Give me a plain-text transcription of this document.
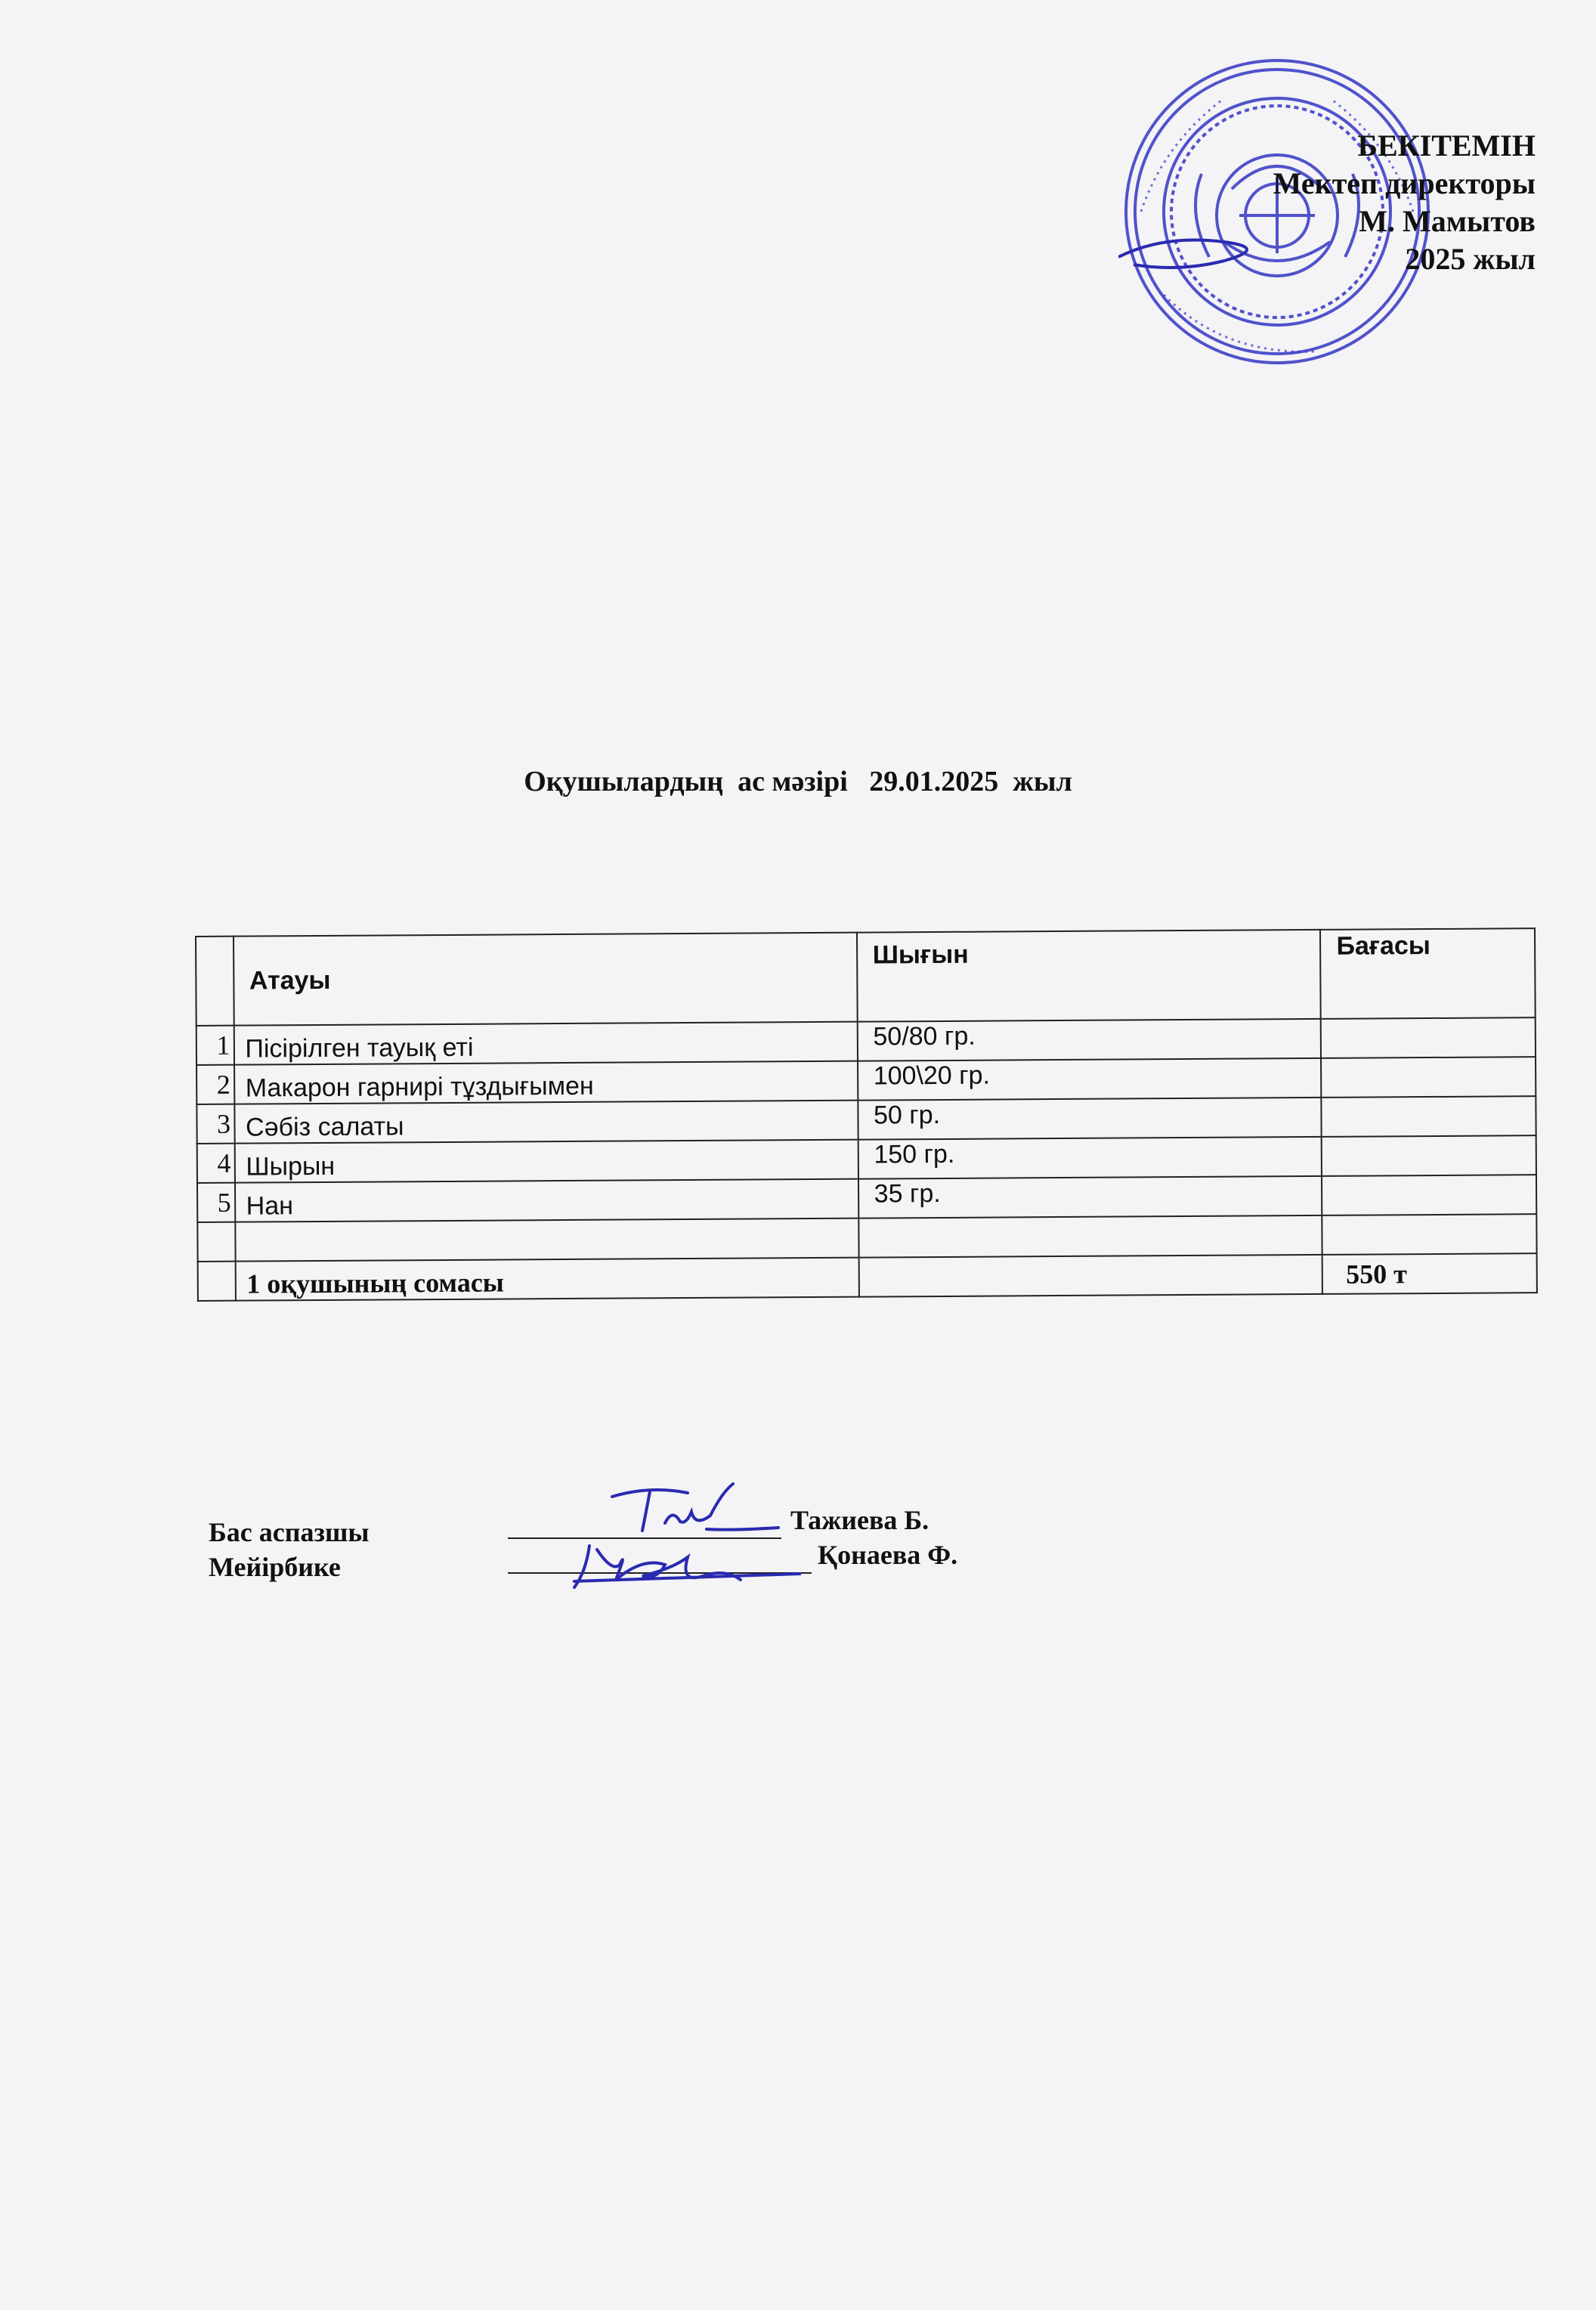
БЕКІТЕМІН
Мектеп директоры
М. Мамытов
2025 жыл
Оқушылардың  ас мәзірі   29.01.2025  жыл
	Атауы	Шығын	Бағасы
1	Пісірілген тауық еті	50/80 гр.	
2	Макарон гарнирі тұздығымен	100\20 гр.	
3	Сәбіз салаты	50 гр.	
4	Шырын	150 гр.	
5	Нан	35 гр.	

	1 оқушының сомасы		550 т
Бас аспазшы
Мейірбике
Тажиева Б.
Қонаева Ф.
